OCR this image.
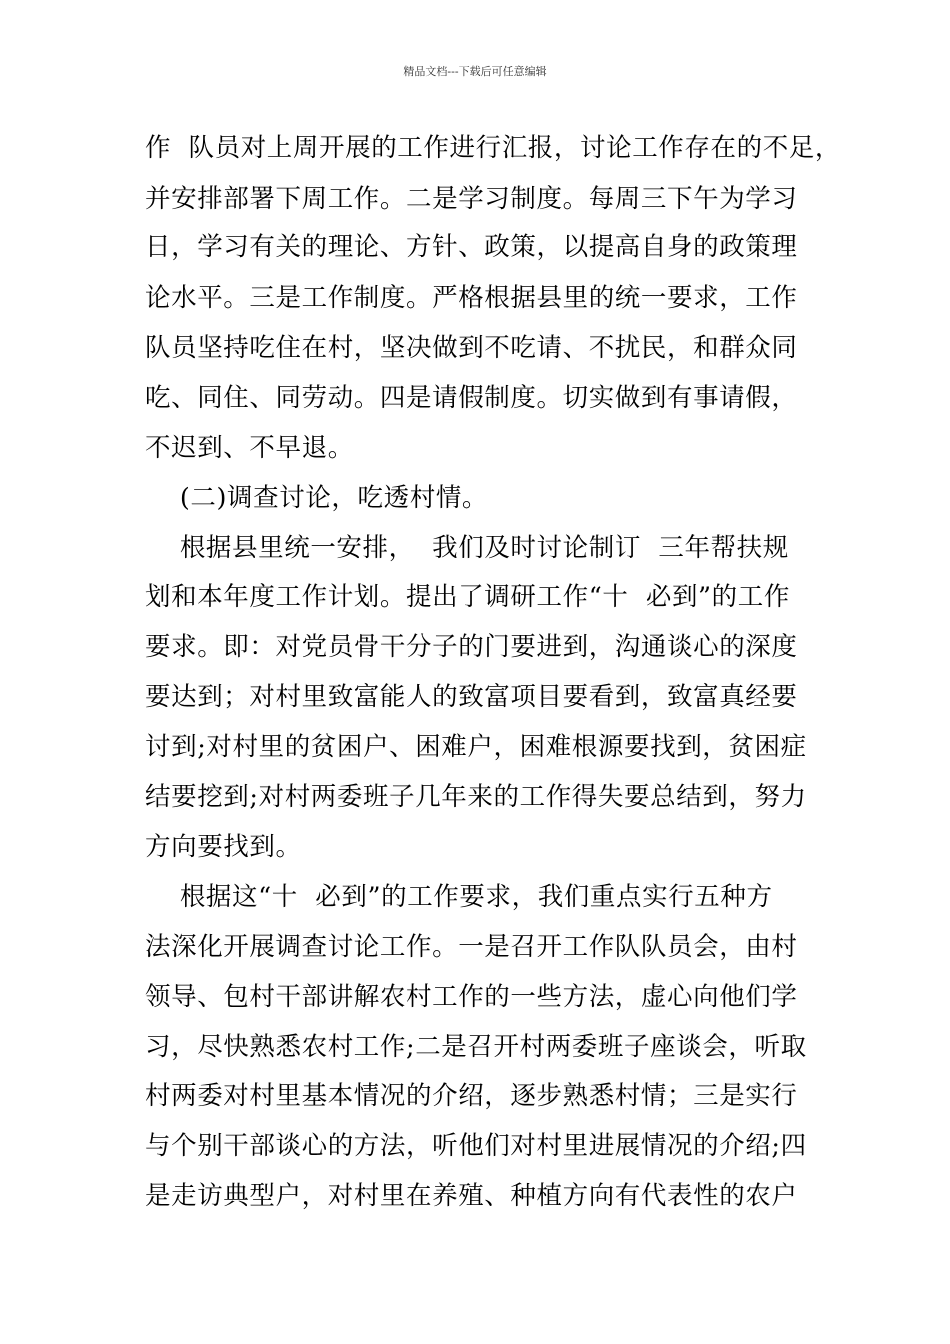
精品文档---下载后可任意编辑
作  队员对上周开展的工作进行汇报，讨论工作存在的不足，
并安排部署下周工作。二是学习制度。每周三下午为学习
日，学习有关的理论、方针、政策，以提高自身的政策理
论水平。三是工作制度。严格根据县里的统一要求，工作
队员坚持吃住在村，坚决做到不吃请、不扰民，和群众同
吃、同住、同劳动。四是请假制度。切实做到有事请假，
不迟到、不早退。
(二)调查讨论，吃透村情。
根据县里统一安排，  我们及时讨论制订  三年帮扶规
划和本年度工作计划。提出了调研工作“十  必到”的工作
要求。即：对党员骨干分子的门要进到，沟通谈心的深度
要达到；对村里致富能人的致富项目要看到，致富真经要
讨到;对村里的贫困户、困难户，困难根源要找到，贫困症
结要挖到;对村两委班子几年来的工作得失要总结到，努力
方向要找到。
根据这“十  必到”的工作要求，我们重点实行五种方
法深化开展调查讨论工作。一是召开工作队队员会，由村
领导、包村干部讲解农村工作的一些方法，虚心向他们学
习，尽快熟悉农村工作;二是召开村两委班子座谈会，听取
村两委对村里基本情况的介绍，逐步熟悉村情；三是实行
与个别干部谈心的方法，听他们对村里进展情况的介绍;四
是走访典型户，对村里在养殖、种植方向有代表性的农户
